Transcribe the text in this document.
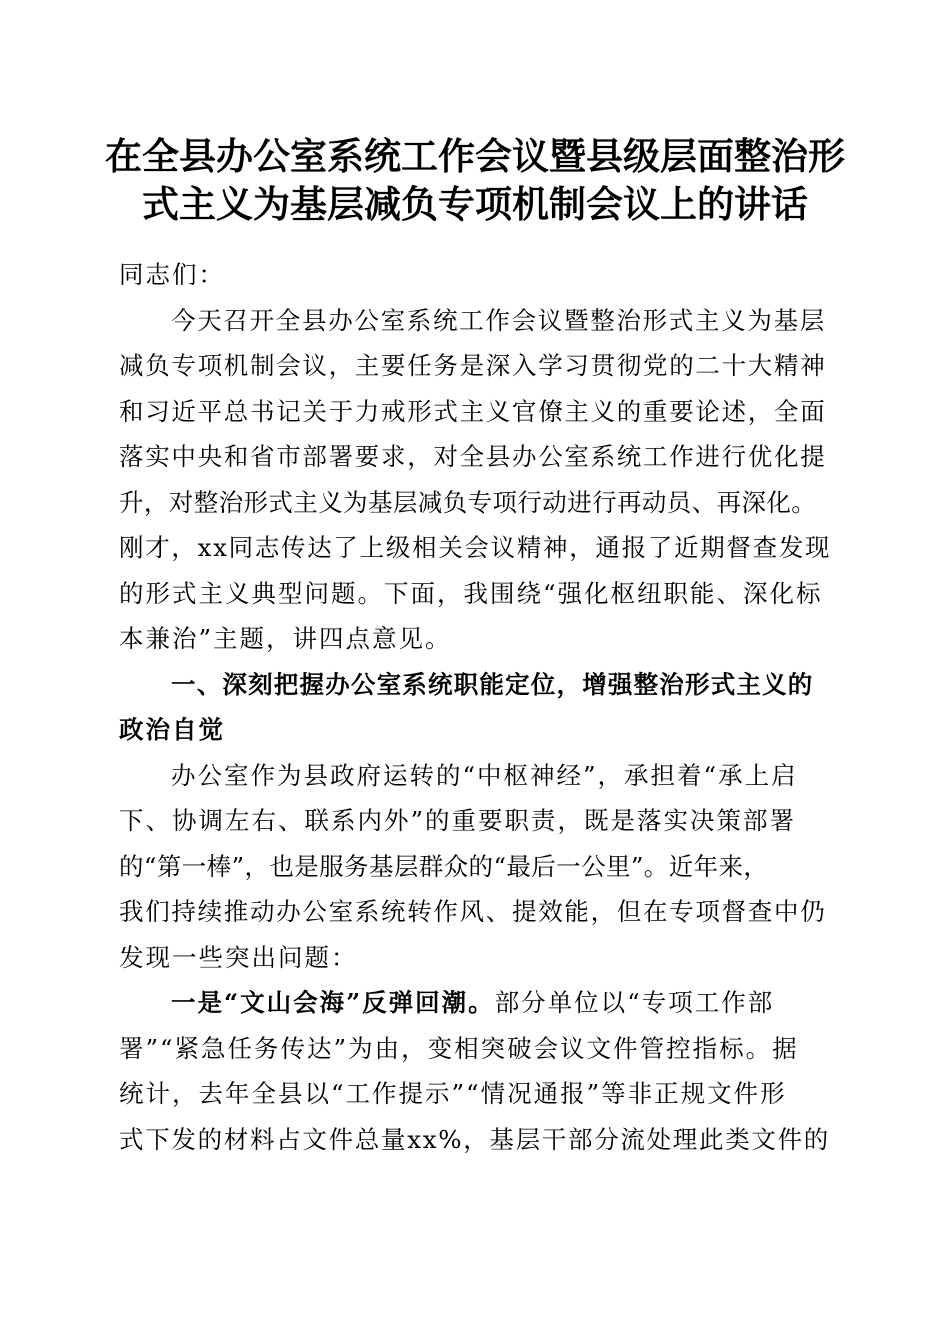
在全县办公室系统工作会议暨县级层面整治形
式主义为基层减负专项机制会议上的讲话

同志们：

今天召开全县办公室系统工作会议暨整治形式主义为基层

减负专项机制会议，主要任务是深入学习贯彻党的二十大精神

和习近平总书记关于力戒形式主义官僚主义的重要论述，全面

落实中央和省市部署要求，对全县办公室系统工作进行优化提

升，对整治形式主义为基层减负专项行动进行再动员、再深化。

刚才，xx同志传达了上级相关会议精神，通报了近期督查发现

的形式主义典型问题。下面，我围绕“强化枢纽职能、深化标

本兼治”主题，讲四点意见。

一、深刻把握办公室系统职能定位，增强整治形式主义的

政治自觉

办公室作为县政府运转的“中枢神经”，承担着“承上启

下、协调左右、联系内外”的重要职责，既是落实决策部署

的“第一棒”，也是服务基层群众的“最后一公里”。近年来，

我们持续推动办公室系统转作风、提效能，但在专项督查中仍

发现一些突出问题：

一是“文山会海”反弹回潮。部分单位以“专项工作部

署”“紧急任务传达”为由，变相突破会议文件管控指标。据

统计，去年全县以“工作提示”“情况通报”等非正规文件形

式下发的材料占文件总量xx%，基层干部分流处理此类文件的
